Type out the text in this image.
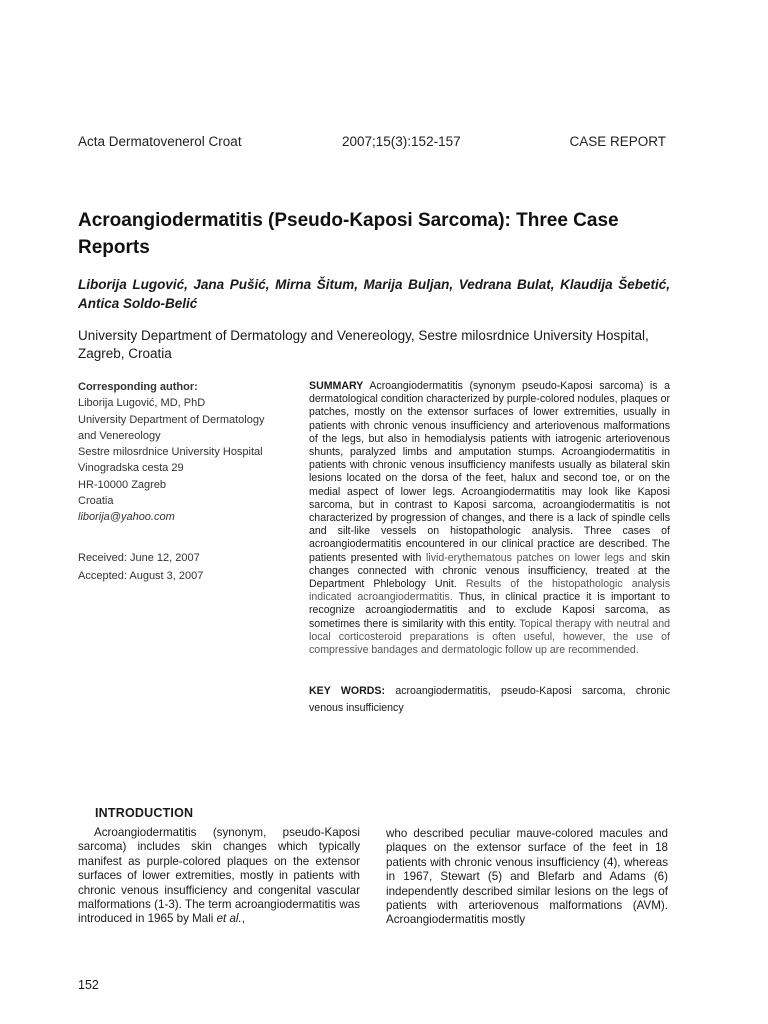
Acta Dermatovenerol Croat	2007;15(3):152-157	CASE REPORT
Acroangiodermatitis (Pseudo-Kaposi Sarcoma): Three Case Reports
Liborija Lugović, Jana Pušić, Mirna Šitum, Marija Buljan, Vedrana Bulat, Klaudija Šebetić, Antica Soldo-Belić
University Department of Dermatology and Venereology, Sestre milosrdnice University Hospital, Zagreb, Croatia
Corresponding author:
Liborija Lugović, MD, PhD
University Department of Dermatology
and Venereology
Sestre milosrdnice University Hospital
Vinogradska cesta 29
HR-10000 Zagreb
Croatia
liborija@yahoo.com
Received: June 12, 2007
Accepted: August 3, 2007
SUMMARY Acroangiodermatitis (synonym pseudo-Kaposi sarcoma) is a dermatological condition characterized by purple-colored nodules, plaques or patches, mostly on the extensor surfaces of lower extremities, usually in patients with chronic venous insufficiency and arteriovenous malformations of the legs, but also in hemodialysis patients with iatrogenic arteriovenous shunts, paralyzed limbs and amputation stumps. Acroangiodermatitis in patients with chronic venous insufficiency manifests usually as bilateral skin lesions located on the dorsa of the feet, halux and second toe, or on the medial aspect of lower legs. Acroangiodermatitis may look like Kaposi sarcoma, but in contrast to Kaposi sarcoma, acroangiodermatitis is not characterized by progression of changes, and there is a lack of spindle cells and silt-like vessels on histopathologic analysis. Three cases of acroangiodermatitis encountered in our clinical practice are described. The patients presented with livid-erythematous patches on lower legs and skin changes connected with chronic venous insufficiency, treated at the Department Phlebology Unit. Results of the histopathologic analysis indicated acroangiodermatitis. Thus, in clinical practice it is important to recognize acroangiodermatitis and to exclude Kaposi sarcoma, as sometimes there is similarity with this entity. Topical therapy with neutral and local corticosteroid preparations is often useful, however, the use of compressive bandages and dermatologic follow up are recommended.
KEY WORDS: acroangiodermatitis, pseudo-Kaposi sarcoma, chronic venous insufficiency
INTRODUCTION
Acroangiodermatitis (synonym, pseudo-Kaposi sarcoma) includes skin changes which typically manifest as purple-colored plaques on the extensor surfaces of lower extremities, mostly in patients with chronic venous insufficiency and congenital vascular malformations (1-3). The term acroangiodermatitis was introduced in 1965 by Mali et al.,
who described peculiar mauve-colored macules and plaques on the extensor surface of the feet in 18 patients with chronic venous insufficiency (4), whereas in 1967, Stewart (5) and Blefarb and Adams (6) independently described similar lesions on the legs of patients with arteriovenous malformations (AVM). Acroangiodermatitis mostly
152
